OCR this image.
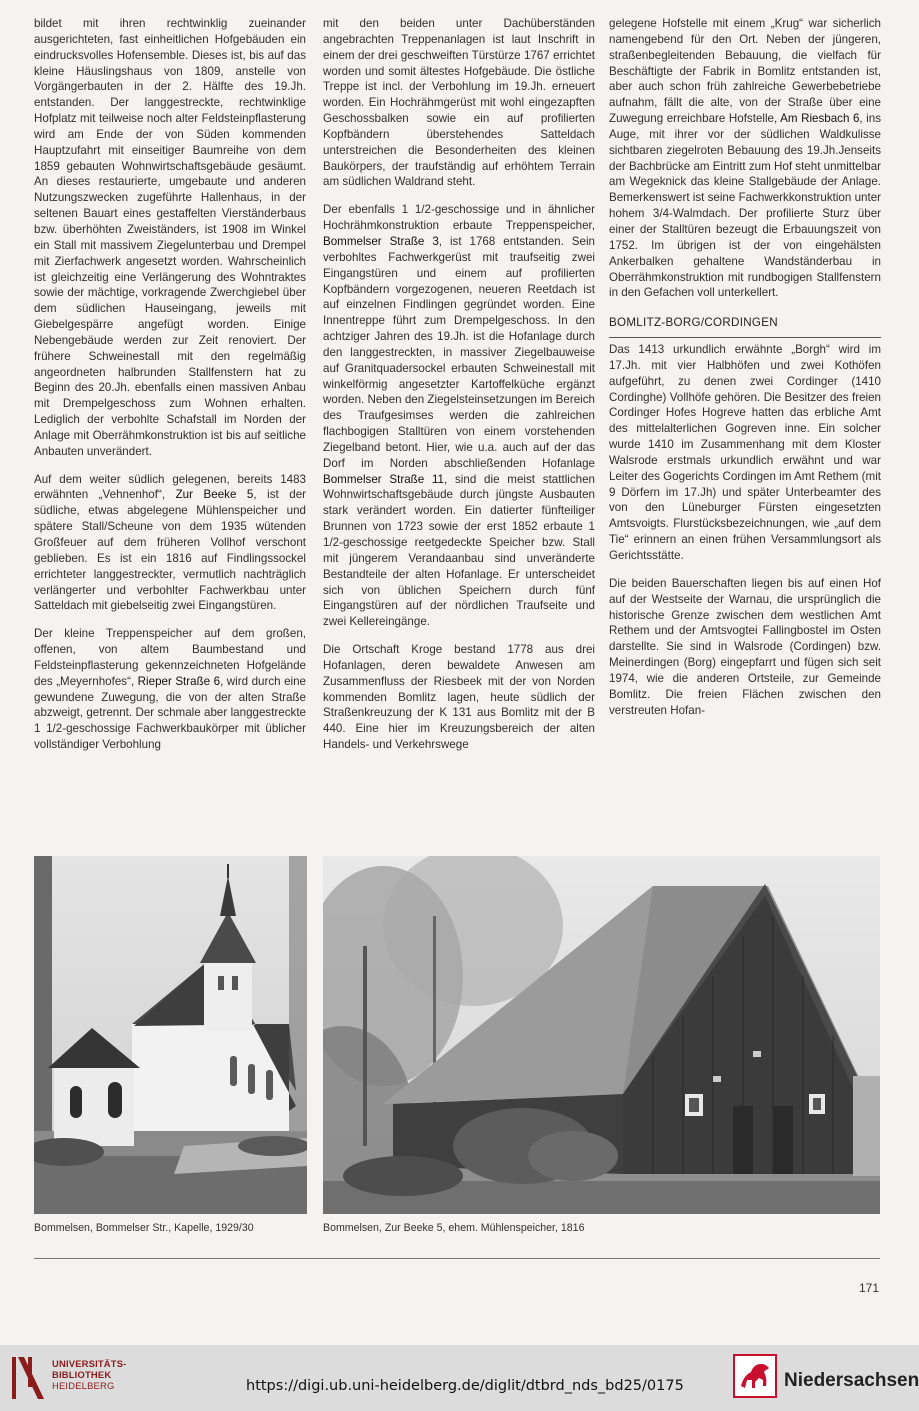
bildet mit ihren rechtwinklig zueinander ausgerichteten, fast einheitlichen Hofgebäuden ein eindrucksvolles Hofensemble. Dieses ist, bis auf das kleine Häuslingshaus von 1809, anstelle von Vorgängerbauten in der 2. Hälfte des 19.Jh. entstanden. Der langgestreckte, rechtwinklige Hofplatz mit teilweise noch alter Feldsteinpflasterung wird am Ende der von Süden kommenden Hauptzufahrt mit einseitiger Baumreihe von dem 1859 gebauten Wohnwirtschaftsgebäude gesäumt. An dieses restaurierte, umgebaute und anderen Nutzungszwecken zugeführte Hallenhaus, in der seltenen Bauart eines gestaffelten Vierständerbaus bzw. überhöhten Zweiständers, ist 1908 im Winkel ein Stall mit massivem Ziegelunterbau und Drempel mit Zierfachwerk angesetzt worden. Wahrscheinlich ist gleichzeitig eine Verlängerung des Wohntraktes sowie der mächtige, vorkragende Zwerchgiebel über dem südlichen Hauseingang, jeweils mit Giebelgespärre angefügt worden. Einige Nebengebäude werden zur Zeit renoviert. Der frühere Schweinestall mit den regelmäßig angeordneten halbrunden Stallfenstern hat zu Beginn des 20.Jh. ebenfalls einen massiven Anbau mit Drempelgeschoss zum Wohnen erhalten. Lediglich der verbohlte Schafstall im Norden der Anlage mit Oberrähmkonstruktion ist bis auf seitliche Anbauten unverändert.

Auf dem weiter südlich gelegenen, bereits 1483 erwähnten „Vehnenhof“, Zur Beeke 5, ist der südliche, etwas abgelegene Mühlenspeicher und spätere Stall/Scheune von dem 1935 wütenden Großfeuer auf dem früheren Vollhof verschont geblieben. Es ist ein 1816 auf Findlingssockel errichteter langgestreckter, vermutlich nachträglich verlängerter und verbohlter Fachwerkbau unter Satteldach mit giebelseitig zwei Eingangstüren.

Der kleine Treppenspeicher auf dem großen, offenen, von altem Baumbestand und Feldsteinpflasterung gekennzeichneten Hofgelände des „Meyernhofes“, Rieper Straße 6, wird durch eine gewundene Zuwegung, die von der alten Straße abzweigt, getrennt. Der schmale aber langgestreckte 1 1/2-geschossige Fachwerkbaukörper mit üblicher vollständiger Verbohlung

mit den beiden unter Dachüberständen angebrachten Treppenanlagen ist laut Inschrift in einem der drei geschweiften Türstürze 1767 errichtet worden und somit ältestes Hofgebäude. Die östliche Treppe ist incl. der Verbohlung im 19.Jh. erneuert worden. Ein Hochrähmgerüst mit wohl eingezapften Geschossbalken sowie ein auf profilierten Kopfbändern überstehendes Satteldach unterstreichen die Besonderheiten des kleinen Baukörpers, der traufständig auf erhöhtem Terrain am südlichen Waldrand steht.

Der ebenfalls 1 1/2-geschossige und in ähnlicher Hochrähmkonstruktion erbaute Treppenspeicher, Bommelser Straße 3, ist 1768 entstanden. Sein verbohltes Fachwerkgerüst mit traufseitig zwei Eingangstüren und einem auf profilierten Kopfbändern vorgezogenen, neueren Reetdach ist auf einzelnen Findlingen gegründet worden. Eine Innentreppe führt zum Drempelgeschoss. In den achtziger Jahren des 19.Jh. ist die Hofanlage durch den langgestreckten, in massiver Ziegelbauweise auf Granitquadersockel erbauten Schweinestall mit winkelförmig angesetzter Kartoffelküche ergänzt worden. Neben den Ziegelsteinsetzungen im Bereich des Traufgesimses werden die zahlreichen flachbogigen Stalltüren von einem vorstehenden Ziegelband betont. Hier, wie u.a. auch auf der das Dorf im Norden abschließenden Hofanlage Bommelser Straße 11, sind die meist stattlichen Wohnwirtschaftsgebäude durch jüngste Ausbauten stark verändert worden. Ein datierter fünfteiliger Brunnen von 1723 sowie der erst 1852 erbaute 1 1/2-geschossige reetgedeckte Speicher bzw. Stall mit jüngerem Verandaanbau sind unveränderte Bestandteile der alten Hofanlage. Er unterscheidet sich von üblichen Speichern durch fünf Eingangstüren auf der nördlichen Traufseite und zwei Kellereingänge.

Die Ortschaft Kroge bestand 1778 aus drei Hofanlagen, deren bewaldete Anwesen am Zusammenfluss der Riesbeek mit der von Norden kommenden Bomlitz lagen, heute südlich der Straßenkreuzung der K 131 aus Bomlitz mit der B 440. Eine hier im Kreuzungsbereich der alten Handels- und Verkehrswege

gelegene Hofstelle mit einem „Krug“ war sicherlich namengebend für den Ort. Neben der jüngeren, straßenbegleitenden Bebauung, die vielfach für Beschäftigte der Fabrik in Bomlitz entstanden ist, aber auch schon früh zahlreiche Gewerbebetriebe aufnahm, fällt die alte, von der Straße über eine Zuwegung erreichbare Hofstelle, Am Riesbach 6, ins Auge, mit ihrer vor der südlichen Waldkulisse sichtbaren ziegelroten Bebauung des 19.Jh.Jenseits der Bachbrücke am Eintritt zum Hof steht unmittelbar am Wegeknick das kleine Stallgebäude der Anlage. Bemerkenswert ist seine Fachwerkkonstruktion unter hohem 3/4-Walmdach. Der profilierte Sturz über einer der Stalltüren bezeugt die Erbauungszeit von 1752. Im übrigen ist der von eingehälsten Ankerbalken gehaltene Wandständerbau in Oberrähmkonstruktion mit rundbogigen Stallfenstern in den Gefachen voll unterkellert.

BOMLITZ-BORG/CORDINGEN

Das 1413 urkundlich erwähnte „Borgh“ wird im 17.Jh. mit vier Halbhöfen und zwei Kothöfen aufgeführt, zu denen zwei Cordinger (1410 Cordinghe) Vollhöfe gehören. Die Besitzer des freien Cordinger Hofes Hogreve hatten das erbliche Amt des mittelalterlichen Gogreven inne. Ein solcher wurde 1410 im Zusammenhang mit dem Kloster Walsrode erstmals urkundlich erwähnt und war Leiter des Gogerichts Cordingen im Amt Rethem (mit 9 Dörfern im 17.Jh) und später Unterbeamter des von den Lüneburger Fürsten eingesetzten Amtsvoigts. Flurstücksbezeichnungen, wie „auf dem Tie“ erinnern an einen frühen Versammlungsort als Gerichtsstätte.

Die beiden Bauerschaften liegen bis auf einen Hof auf der Westseite der Warnau, die ursprünglich die historische Grenze zwischen dem westlichen Amt Rethem und der Amtsvogtei Fallingbostel im Osten darstellte. Sie sind in Walsrode (Cordingen) bzw. Meinerdingen (Borg) eingepfarrt und fügen sich seit 1974, wie die anderen Ortsteile, zur Gemeinde Bomlitz. Die freien Flächen zwischen den verstreuten Hofan-

Bommelsen, Bommelser Str., Kapelle, 1929/30	Bommelsen, Zur Beeke 5, ehem. Mühlenspeicher, 1816
171
UNIVERSITÄTS-
BIBLIOTHEK
HEIDELBERG	https://digi.ub.uni-heidelberg.de/diglit/dtbrd_nds_bd25/0175	Niedersachsen
